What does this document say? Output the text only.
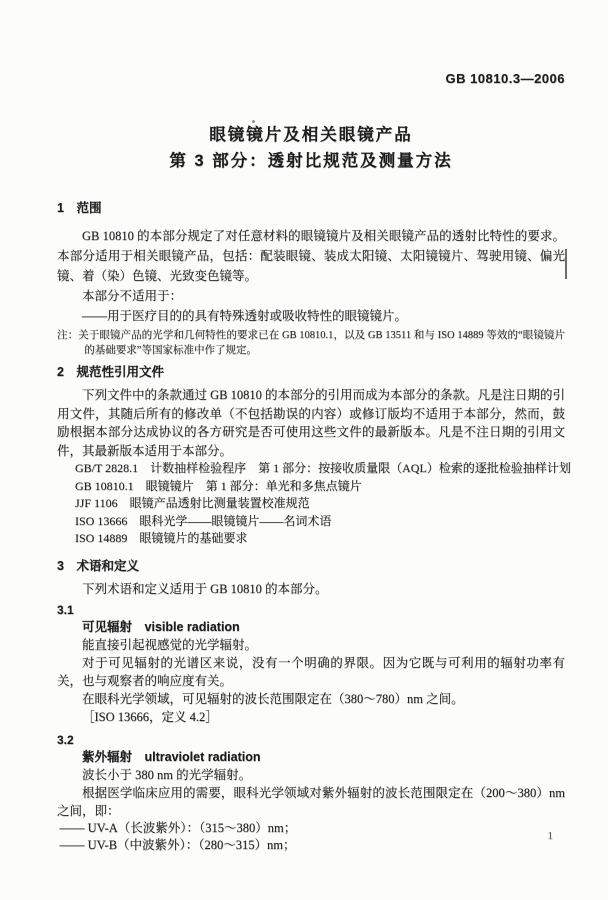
GB 10810.3—2006
眼镜镜片及相关眼镜产品
第 3 部分：透射比规范及测量方法
1　范围

GB 10810 的本部分规定了对任意材料的眼镜镜片及相关眼镜产品的透射比特性的要求。本部分适用于相关眼镜产品，包括：配装眼镜、装成太阳镜、太阳镜镜片、驾驶用镜、偏光镜、着（染）色镜、光致变色镜等。

本部分不适用于：

——用于医疗目的的具有特殊透射或吸收特性的眼镜镜片。

注：关于眼镜产品的光学和几何特性的要求已在 GB 10810.1，以及 GB 13511 和与 ISO 14889 等效的“眼镜镜片的基础要求”等国家标准中作了规定。

2　规范性引用文件

下列文件中的条款通过 GB 10810 的本部分的引用而成为本部分的条款。凡是注日期的引用文件，其随后所有的修改单（不包括勘误的内容）或修订版均不适用于本部分，然而，鼓励根据本部分达成协议的各方研究是否可使用这些文件的最新版本。凡是不注日期的引用文件，其最新版本适用于本部分。

GB/T 2828.1　计数抽样检验程序　第 1 部分：按接收质量限（AQL）检索的逐批检验抽样计划
GB 10810.1　眼镜镜片　第 1 部分：单光和多焦点镜片
JJF 1106　眼镜产品透射比测量装置校准规范
ISO 13666　眼科光学——眼镜镜片——名词术语
ISO 14889　眼镜镜片的基础要求
3　术语和定义

下列术语和定义适用于 GB 10810 的本部分。

3.1
可见辐射 visible radiation

能直接引起视感觉的光学辐射。

对于可见辐射的光谱区来说，没有一个明确的界限。因为它既与可利用的辐射功率有关，也与观察者的响应度有关。

在眼科光学领域，可见辐射的波长范围限定在（380～780）nm 之间。

［ISO 13666，定义 4.2］

3.2
紫外辐射 ultraviolet radiation

波长小于 380 nm 的光学辐射。

根据医学临床应用的需要，眼科光学领域对紫外辐射的波长范围限定在（200～380）nm 之间，即：

—— UV-A（长波紫外）：（315～380）nm；

—— UV-B（中波紫外）：（280～315）nm；

1
